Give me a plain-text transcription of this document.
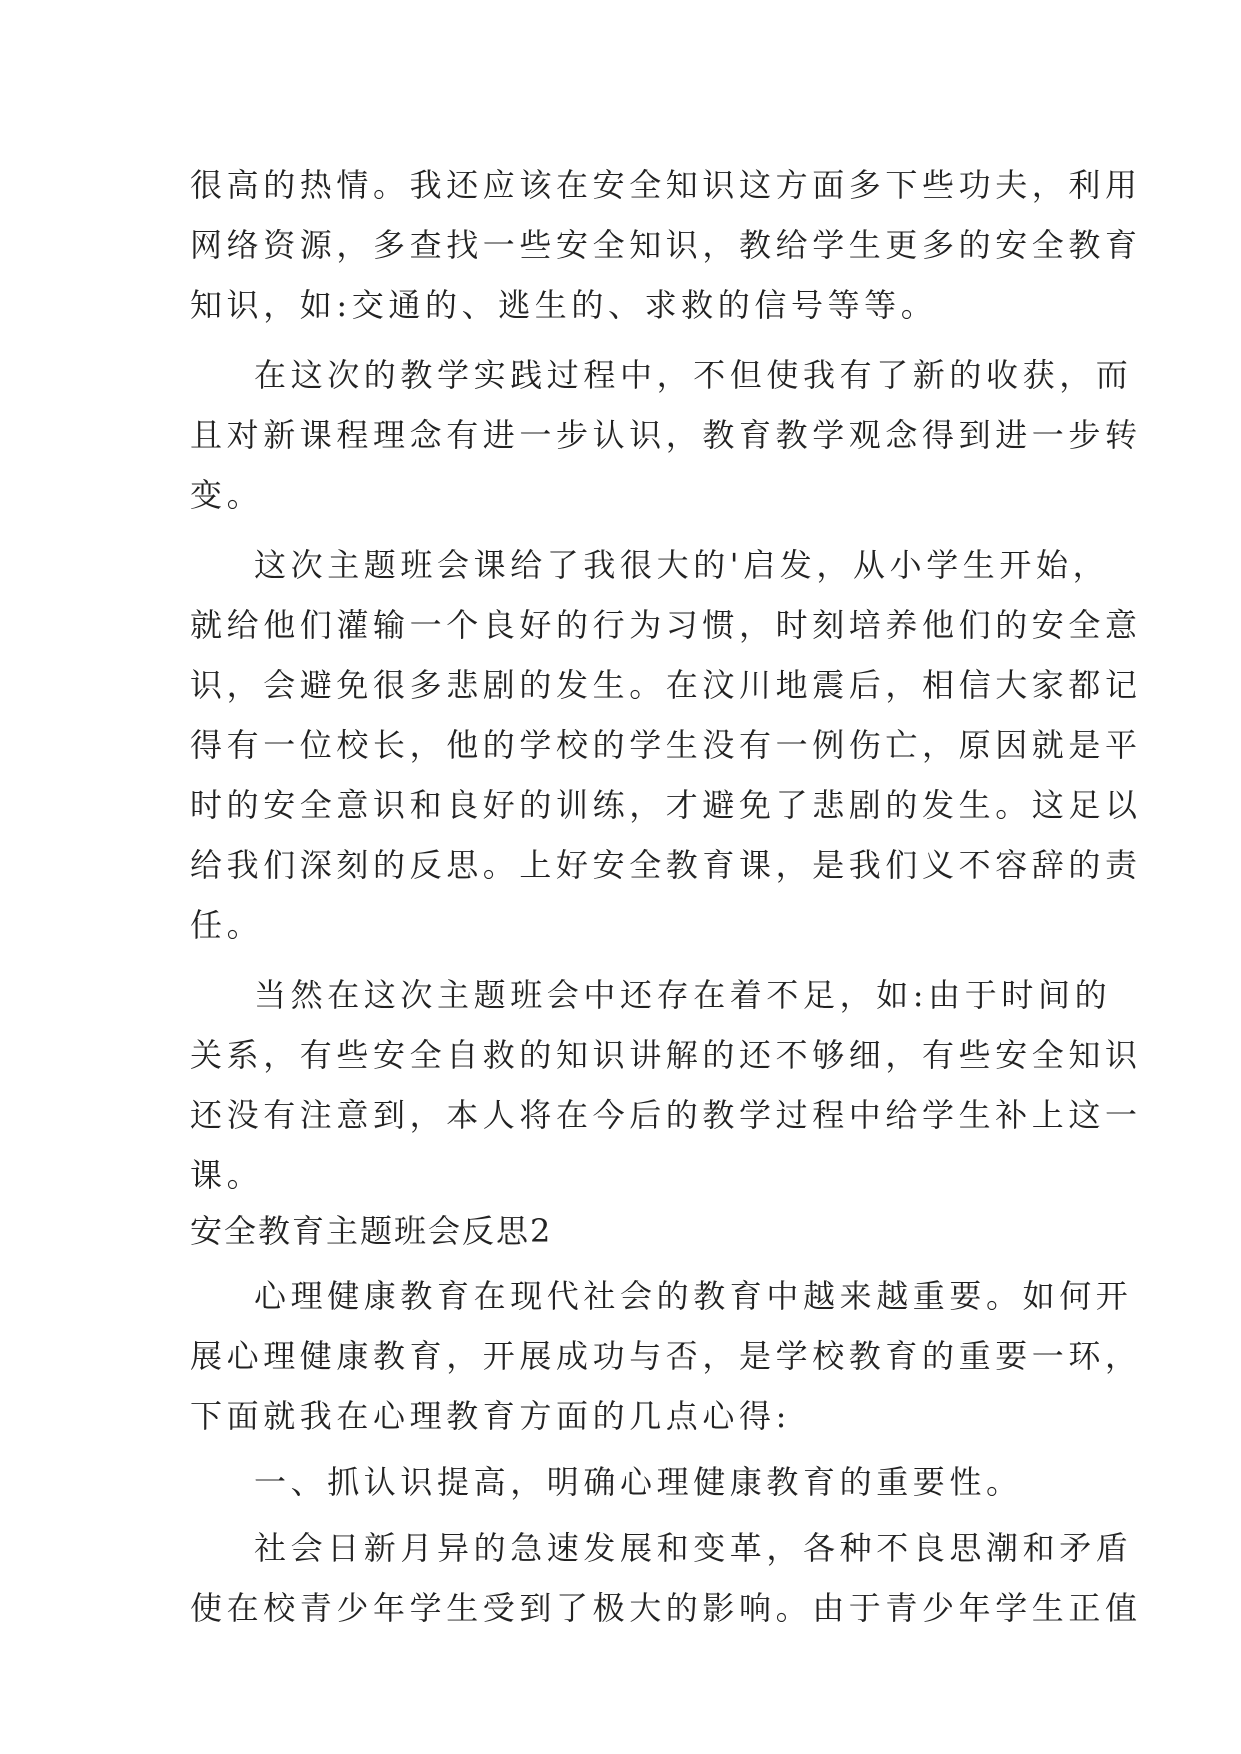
很高的热情。我还应该在安全知识这方面多下些功夫，利用
网络资源，多查找一些安全知识，教给学生更多的安全教育
知识，如:交通的、逃生的、求救的信号等等。
在这次的教学实践过程中，不但使我有了新的收获，而
且对新课程理念有进一步认识，教育教学观念得到进一步转
变。
这次主题班会课给了我很大的'启发，从小学生开始，
就给他们灌输一个良好的行为习惯，时刻培养他们的安全意
识，会避免很多悲剧的发生。在汶川地震后，相信大家都记
得有一位校长，他的学校的学生没有一例伤亡，原因就是平
时的安全意识和良好的训练，才避免了悲剧的发生。这足以
给我们深刻的反思。上好安全教育课，是我们义不容辞的责
任。
当然在这次主题班会中还存在着不足，如:由于时间的
关系，有些安全自救的知识讲解的还不够细，有些安全知识
还没有注意到，本人将在今后的教学过程中给学生补上这一
课。
安全教育主题班会反思2
心理健康教育在现代社会的教育中越来越重要。如何开
展心理健康教育，开展成功与否，是学校教育的重要一环，
下面就我在心理教育方面的几点心得:
一、抓认识提高，明确心理健康教育的重要性。
社会日新月异的急速发展和变革，各种不良思潮和矛盾
使在校青少年学生受到了极大的影响。由于青少年学生正值
